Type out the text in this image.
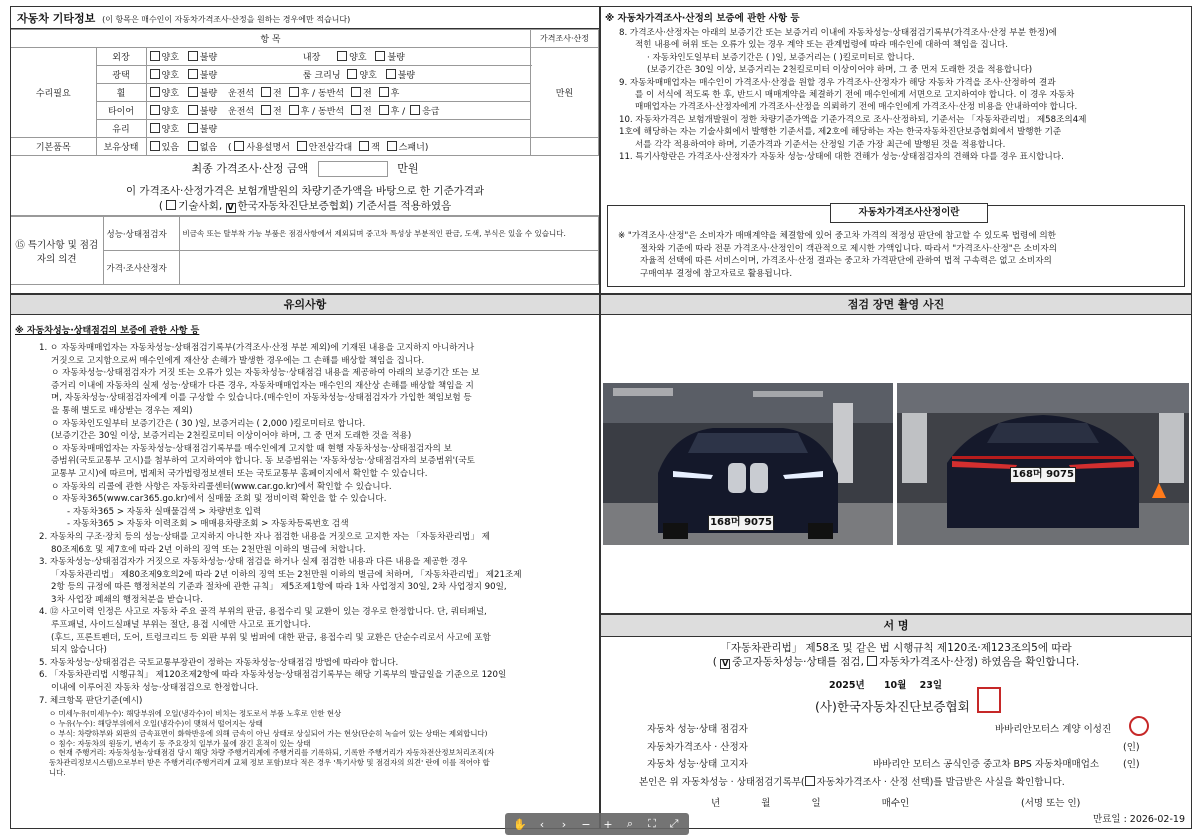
자동차 기타정보 (이 항목은 매수인이 자동차가격조사·산정을 원하는 경우에만 적습니다)
항 목			가격조사·산정
수리필요	외장	양호 불량 내장 양호 불량	만원
	광택	양호 불량 룸 크리닝 양호 불량	
	휠	양호 불량 운전석 전 후 / 동반석 전 후	
	타이어	양호 불량 운전석 전 후 / 동반석 전 후 / 응급	
	유리	양호 불량	

기본품목	보유상태	있음 없음 ( 사용설명서 안전삼각대 잭 스패너)	
최종 가격조사·산정 금액	만원
이 가격조사·산정가격은 보험개발원의 차량기준가액을 바탕으로 한 기준가격과
( 기술사회, V 한국자동차진단보증협회) 기준서를 적용하였음
⑮ 특기사항 및 점검자의 의견	성능·상태점검자	비금속 또는 탈부착 가능 부품은 점검사항에서 제외되며 중고차 특성상 부분적인 판금, 도색, 부식은 있을 수 있습니다.
	가격·조사산정자	
※ 자동차가격조사·산정의 보증에 관한 사항 등
8. 가격조사·산정자는 아래의 보증기간 또는 보증거리 이내에 자동차성능·상태점검기록부(가격조사·산정 부분 한정)에
적힌 내용에 허위 또는 오류가 있는 경우 계약 또는 관계법령에 따라 매수인에 대하여 책임을 집니다.
· 자동차인도일부터 보증기간은 ( )일, 보증거리는 ( )킬로미터로 합니다.
(보증기간은 30일 이상, 보증거리는 2천킬로미터 이상이어야 하며, 그 중 먼저 도래한 것을 적용합니다)
9. 자동차매매업자는 매수인이 가격조사·산정을 원할 경우 가격조사·산정자가 해당 자동차 가격을 조사·산정하여 결과
를 이 서식에 적도록 한 후, 반드시 매매계약을 체결하기 전에 매수인에게 서면으로 고지하여야 합니다. 이 경우 자동차
매매업자는 가격조사·산정자에게 가격조사·산정을 의뢰하기 전에 매수인에게 가격조사·산정 비용을 안내하여야 합니다.
10. 자동차가격은 보험개발원이 정한 차량기준가액을 기준가격으로 조사·산정하되, 기준서는 「자동차관리법」 제58조의4제
1호에 해당하는 자는 기술사회에서 발행한 기준서를, 제2호에 해당하는 자는 한국자동차진단보증협회에서 발행한 기준
서를 각각 적용하여야 하며, 기준가격과 기준서는 산정일 기준 가장 최근에 발행된 것을 적용합니다.
11. 특기사항란은 가격조사·산정자가 자동차 성능·상태에 대한 견해가 성능·상태점검자의 견해와 다를 경우 표시합니다.
자동차가격조사산정이란
※ "가격조사·산정"은 소비자가 매매계약을 체결함에 있어 중고차 가격의 적정성 판단에 참고할 수 있도록 법령에 의한
절차와 기준에 따라 전문 가격조사·산정인이 객관적으로 제시한 가액입니다. 따라서 "가격조사·산정"은 소비자의
자율적 선택에 따른 서비스이며, 가격조사·산정 결과는 중고차 가격판단에 관하여 법적 구속력은 없고 소비자의
구매여부 결정에 참고자료로 활용됩니다.
유의사항
※ 자동차성능·상태점검의 보증에 관한 사항 등
1. ㅇ 자동차매매업자는 자동차성능·상태점검기록부(가격조사·산정 부분 제외)에 기재된 내용을 고지하지 아니하거나
거짓으로 고지함으로써 매수인에게 재산상 손해가 발생한 경우에는 그 손해를 배상할 책임을 집니다.
ㅇ 자동차성능·상태점검자가 거짓 또는 오류가 있는 자동차성능·상태점검 내용을 제공하여 아래의 보증기간 또는 보
증거리 이내에 자동차의 실제 성능·상태가 다른 경우, 자동차매매업자는 매수인의 재산상 손해를 배상할 책임을 지
며, 자동차성능·상태점검자에게 이를 구상할 수 있습니다.(매수인이 자동차성능·상태점검자가 가입한 책임보험 등
을 통해 별도로 배상받는 경우는 제외)
ㅇ 자동차인도일부터 보증기간은 ( 30 )일, 보증거리는 ( 2,000 )킬로미터로 합니다.
(보증기간은 30일 이상, 보증거리는 2천킬로미터 이상이어야 하며, 그 중 먼저 도래한 것을 적용)
ㅇ 자동차매매업자는 자동차성능·상태점검기록부를 매수인에게 고지할 때 현행 자동차성능·상태점검자의 보
증범위(국토교통부 고시)를 첨부하여 고지하여야 합니다. 동 보증범위는 '자동차성능·상태점검자의 보증범위'(국토
교통부 고시)에 따르며, 법제처 국가법령정보센터 또는 국토교통부 홈페이지에서 확인할 수 있습니다.
ㅇ 자동차의 리콜에 관한 사항은 자동차리콜센터(www.car.go.kr)에서 확인할 수 있습니다.
ㅇ 자동차365(www.car365.go.kr)에서 실매물 조회 및 정비이력 확인을 할 수 있습니다.
- 자동차365 > 자동차 실매물검색 > 차량번호 입력
- 자동차365 > 자동차 이력조회 > 매매용차량조회 > 자동차등록번호 검색
2. 자동차의 구조·장치 등의 성능·상태를 고지하지 아니한 자나 점검한 내용을 거짓으로 고지한 자는 「자동차관리법」 제
80조제6호 및 제7호에 따라 2년 이하의 징역 또는 2천만원 이하의 벌금에 처합니다.
3. 자동차성능·상태점검자가 거짓으로 자동차성능·상태 점검을 하거나 실제 점검한 내용과 다른 내용을 제공한 경우
「자동차관리법」 제80조제9호의2에 따라 2년 이하의 징역 또는 2천만원 이하의 벌금에 처하며, 「자동차관리법」 제21조제
2항 등의 규정에 따른 행정처분의 기준과 절차에 관한 규칙」 제5조제1항에 따라 1차 사업정지 30일, 2차 사업정지 90일,
3차 사업장 폐쇄의 행정처분을 받습니다.
4. ⑫ 사고이력 인정은 사고로 자동차 주요 골격 부위의 판금, 용접수리 및 교환이 있는 경우로 한정합니다. 단, 쿼터패널,
루프패널, 사이드실패널 부위는 절단, 용접 시에만 사고로 표기합니다.
(후드, 프론트펜더, 도어, 트렁크리드 등 외판 부위 및 범퍼에 대한 판금, 용접수리 및 교환은 단순수리로서 사고에 포함
되지 않습니다)
5. 자동차성능·상태점검은 국토교통부장관이 정하는 자동차성능·상태점검 방법에 따라야 합니다.
6. 「자동차관리법 시행규칙」 제120조제2항에 따라 자동차성능·상태점검기록부는 해당 기록부의 발급일을 기준으로 120일
이내에 이루어진 자동차 성능·상태점검으로 한정합니다.
7. 체크항목 판단기준(예시)
ㅇ 미세누유(미세누수): 해당부위에 오일(냉각수)이 비치는 정도로서 부품 노후로 인한 현상
ㅇ 누유(누수): 해당부위에서 오일(냉각수)이 맺혀서 떨어지는 상태
ㅇ 부식: 차량하부와 외판의 금속표면이 화학반응에 의해 금속이 아닌 상태로 상실되어 가는 현상(단순히 녹슬어 있는 상태는 제외합니다)
ㅇ 침수: 자동차의 원동기, 변속기 등 주요장치 일부가 물에 잠긴 흔적이 있는 상태
ㅇ 현재 주행거리: 자동차성능·상태점검 당시 해당 차량 주행거리계에 주행거리를 기록하되, 기록한 주행거리가 자동차전산정보처리조직(자
동차관리정보시스템)으로부터 받은 주행거리(주행거리계 교체 정보 포함)보다 적은 경우 '특기사항 및 점검자의 의견' 란에 이를 적어야 합
니다.
점검 장면 촬영 사진
168머 9075
168머 9075
서 명
「자동차관리법」 제58조 및 같은 법 시행규칙 제120조·제123조의5에 따라
( V 중고자동차성능·상태를 점검, 자동차가격조사·산정) 하였음을 확인합니다.
2025년 10월 23일
(사)한국자동차진단보증협회
자동차 성능·상태 점검자	바바리안모터스 계양 이성진
자동차가격조사 · 산정자	(인)
자동차 성능·상태 고지자	바바리안 모터스 공식인증 중고차 BPS 자동차매매업소	(인)
본인은 위 자동차성능 · 상태점검기록부( 자동차가격조사 · 산정 선택)를 발급받은 사실을 확인합니다.
년	월	일	매수인	(서명 또는 인)
만료일 : 2026-02-19
✋	‹	›	−	+	⌕	⛶	⤢
